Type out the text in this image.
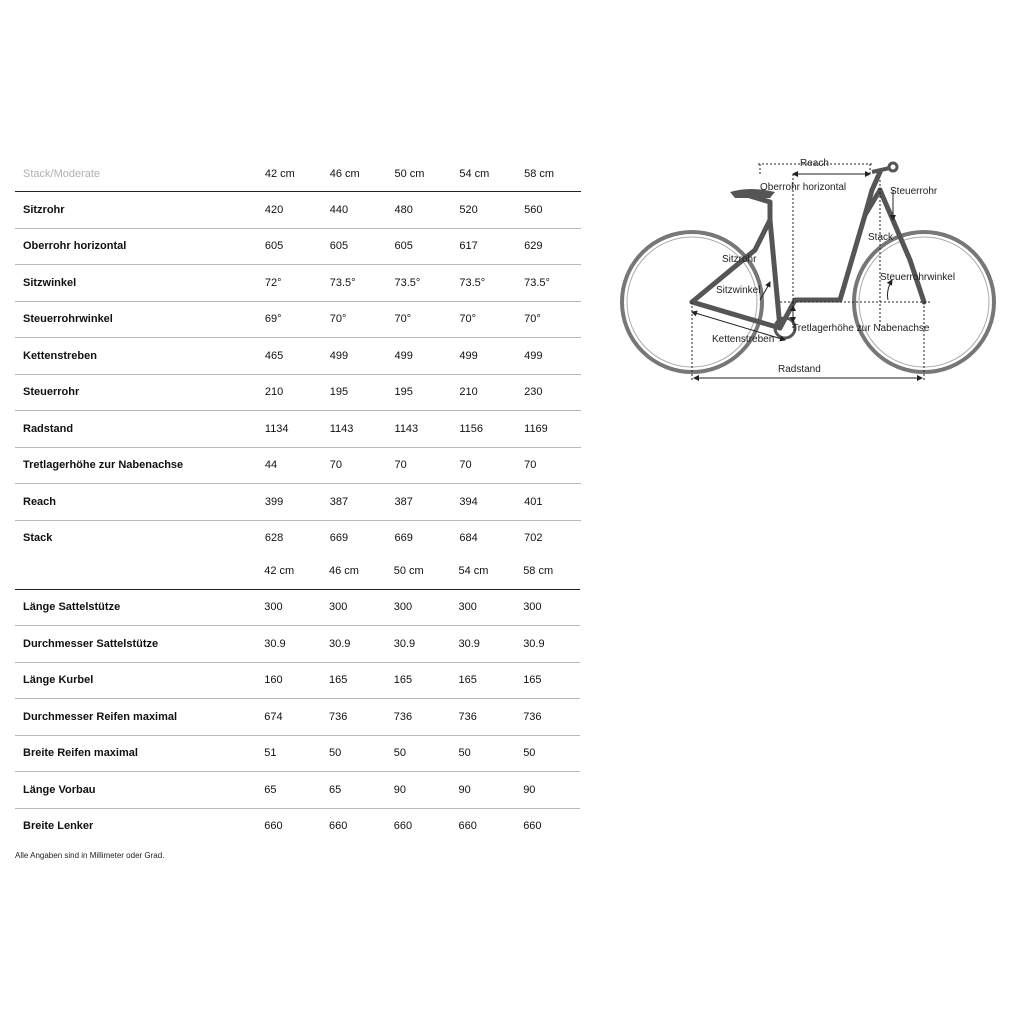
Stack/Moderate	42 cm	46 cm	50 cm	54 cm	58 cm
Sitzrohr	420	440	480	520	560
Oberrohr horizontal	605	605	605	617	629
Sitzwinkel	72°	73.5°	73.5°	73.5°	73.5°
Steuerrohrwinkel	69°	70°	70°	70°	70°
Kettenstreben	465	499	499	499	499
Steuerrohr	210	195	195	210	230
Radstand	1134	1143	1143	1156	1169
Tretlagerhöhe zur Nabenachse	44	70	70	70	70
Reach	399	387	387	394	401
Stack	628	669	669	684	702
	42 cm	46 cm	50 cm	54 cm	58 cm
Länge Sattelstütze	300	300	300	300	300
Durchmesser Sattelstütze	30.9	30.9	30.9	30.9	30.9
Länge Kurbel	160	165	165	165	165
Durchmesser Reifen maximal	674	736	736	736	736
Breite Reifen maximal	51	50	50	50	50
Länge Vorbau	65	65	90	90	90
Breite Lenker	660	660	660	660	660
Alle Angaben sind in Millimeter oder Grad.
Reach
Oberrohr horizontal	Steuerrohr
Stack
Sitzrohr
Steuerrohrwinkel
Sitzwinkel
Tretlagerhöhe zur Nabenachse
Kettenstreben
Radstand
